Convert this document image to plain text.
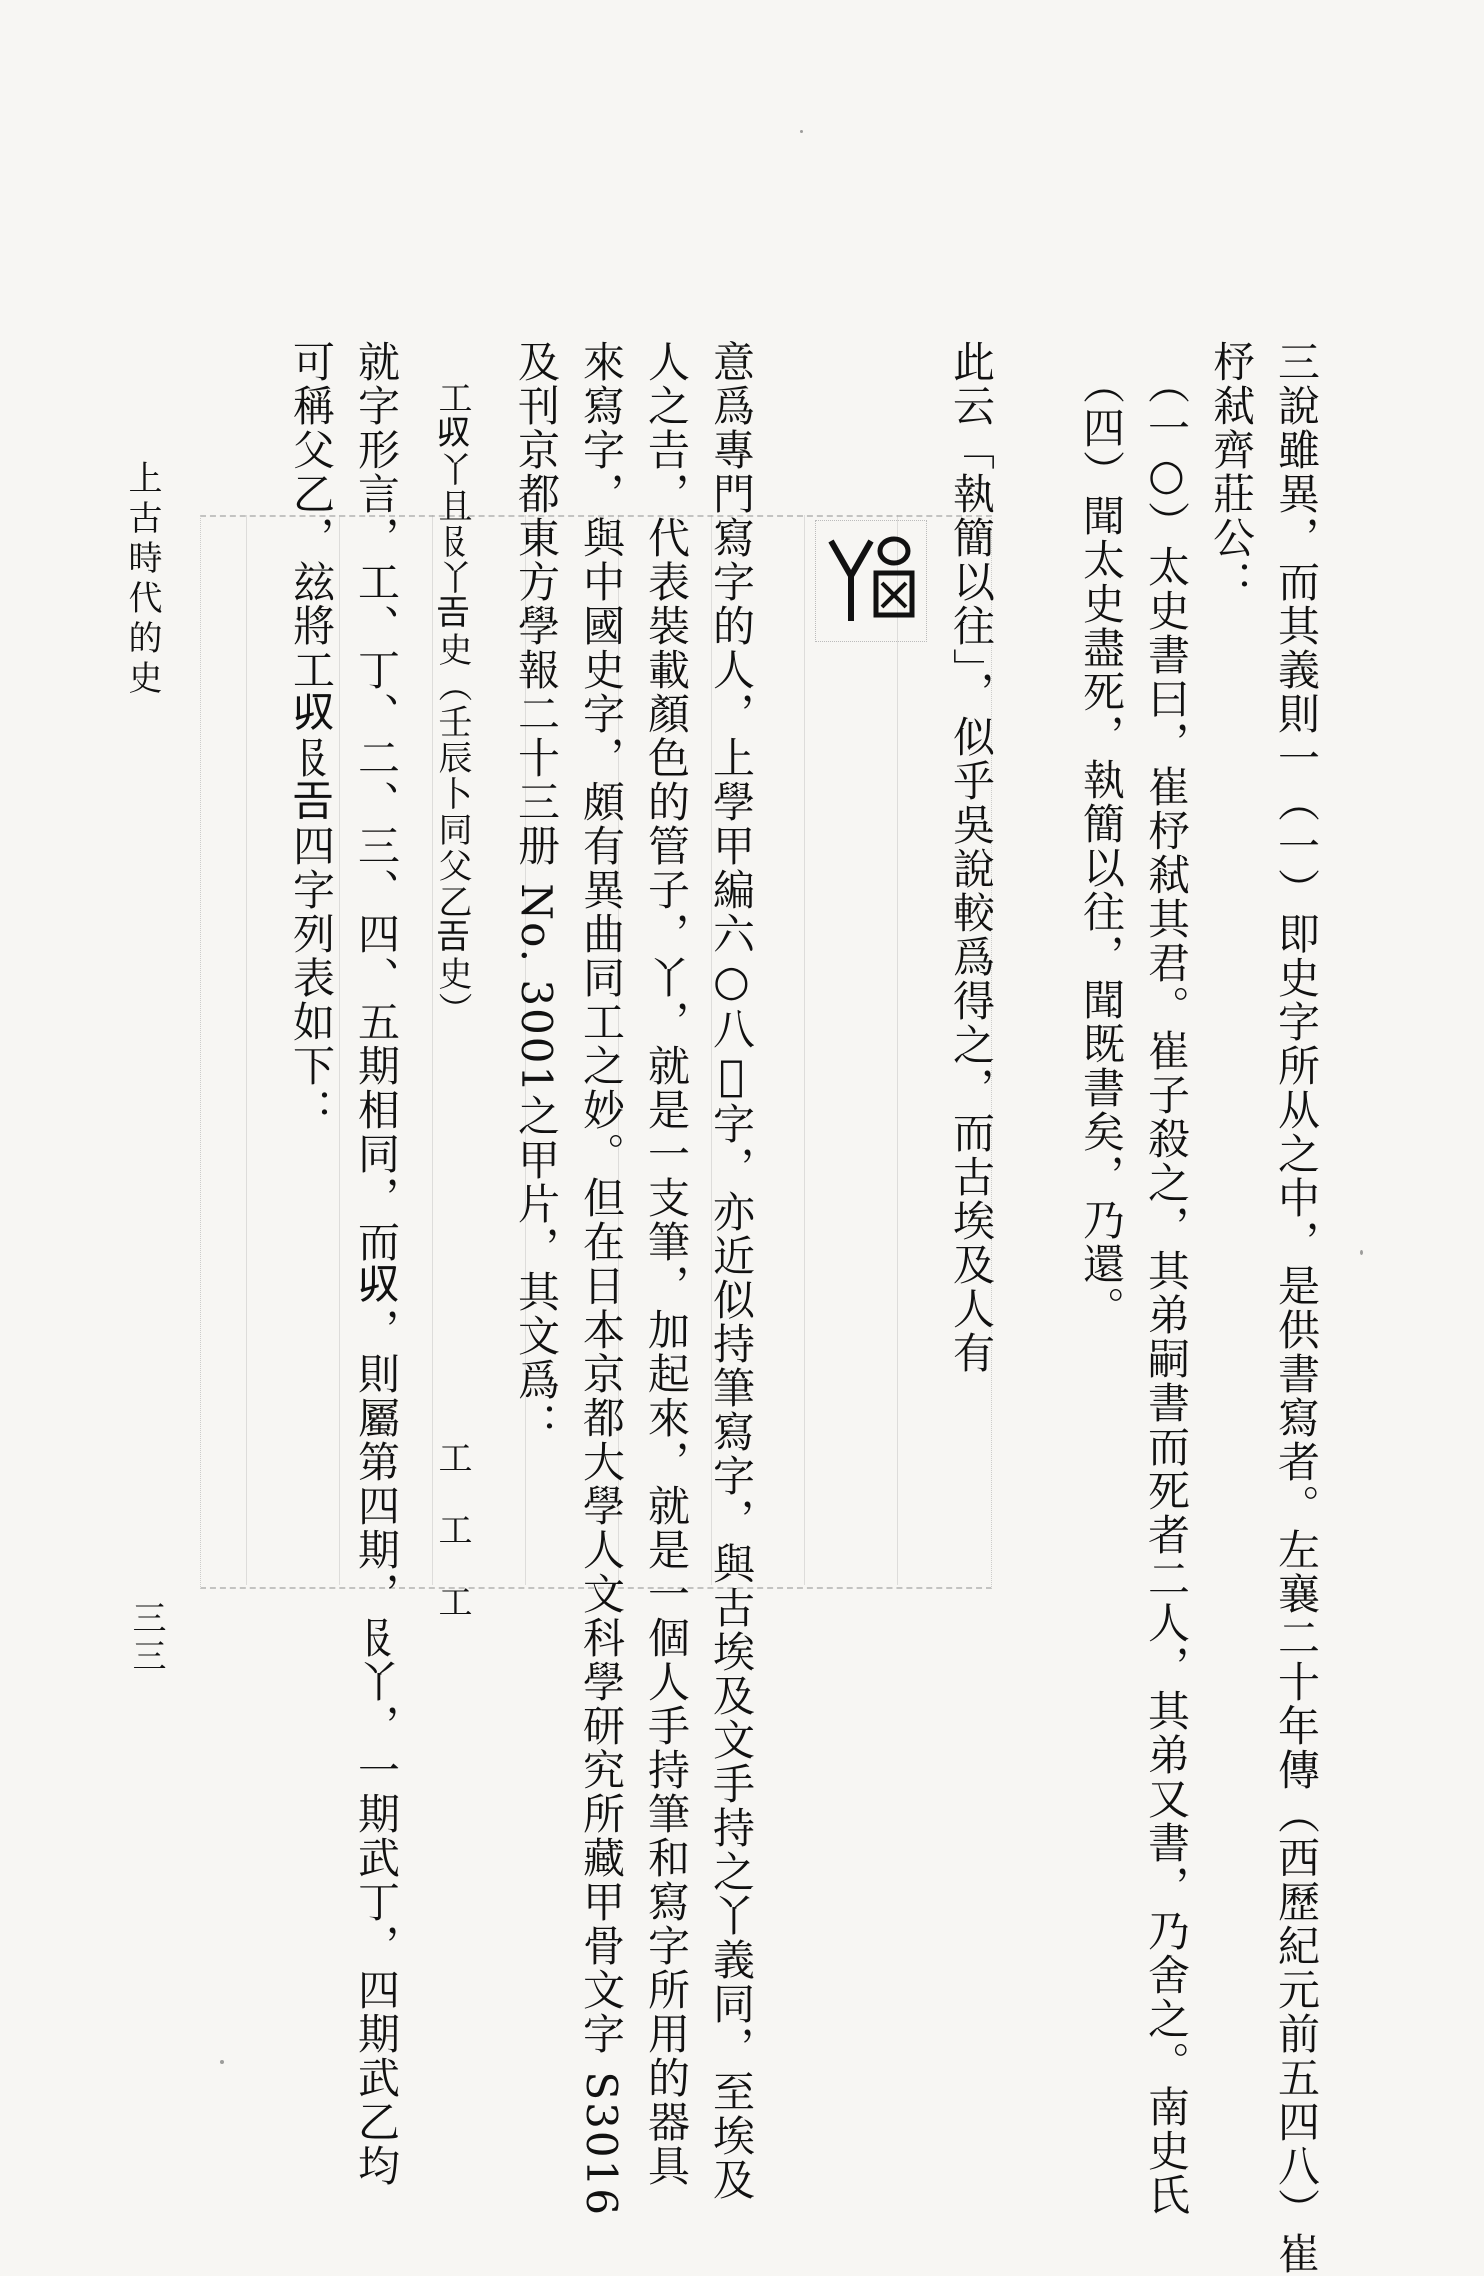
三說雖異，而其義則一（一）即史字所从之中，是供書寫者。左襄二十年傳（西歷紀元前五四八）崔
杼弒齊莊公：
（一○）太史書曰，崔杼弒其君。崔子殺之，其弟嗣書而死者二人，其弟又書，乃舍之。南史氏
（四）聞太史盡死，執簡以往，聞既書矣，乃還。
此云「執簡以往」，似乎吳說較爲得之，而古埃及人有
意爲專門寫字的人，上學甲編六○八𡉖字，亦近似持筆寫字，與古埃及文手持之丫義同，至埃及
人之𠮷，代表裝載顏色的管子，丫，就是一支筆，加起來，就是一個人手持筆和寫字所用的器具
來寫字，與中國史字，頗有異曲同工之妙。但在日本京都大學人文科學研究所藏甲骨文字 S3016
及刊京都東方學報二十三册 No. 3001之甲片，其文爲：
工𠬞丫且𠬝丫𢀛史（壬辰卜同父乙𢀛史）
工　工　工
就字形言，工、丁、二、三、四、五期相同，而𠬞，則屬第四期，𠬝丫，一期武丁，四期武乙均
可稱父乙，玆將工𠬞𠬝𢀛四字列表如下：
上古時代的史
三三
